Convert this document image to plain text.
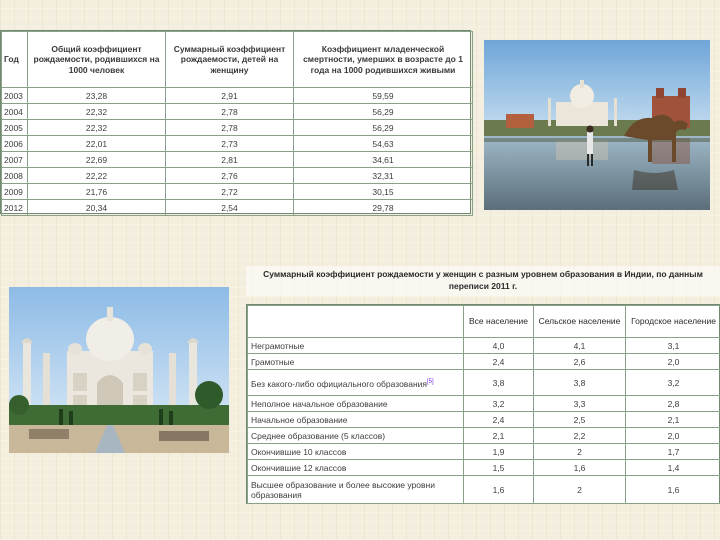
Год	Общий коэффициент рождаемости, родившихся на 1000 человек	Суммарный коэффициент рождаемости, детей на женщину	Коэффициент младенческой смертности, умерших в возрасте до 1 года на 1000 родившихся живыми
2003	23,28	2,91	59,59
2004	22,32	2,78	56,29
2005	22,32	2,78	56,29
2006	22,01	2,73	54,63
2007	22,69	2,81	34,61
2008	22,22	2,76	32,31
2009	21,76	2,72	30,15
2012	20,34	2,54	29,78
Суммарный коэффициент рождаемости у женщин с разным уровнем образования в Индии, по данным переписи 2011 г.
	Все население	Сельское население	Городское население
Неграмотные	4,0	4,1	3,1
Грамотные	2,4	2,6	2,0
Без какого-либо официального образования[5]	3,8	3,8	3,2
Неполное начальное образование	3,2	3,3	2,8
Начальное образование	2,4	2,5	2,1
Среднее образование (5 классов)	2,1	2,2	2,0
Окончившие 10 классов	1,9	2	1,7
Окончившие 12 классов	1,5	1,6	1,4
Высшее образование и более высокие уровни образования	1,6	2	1,6
